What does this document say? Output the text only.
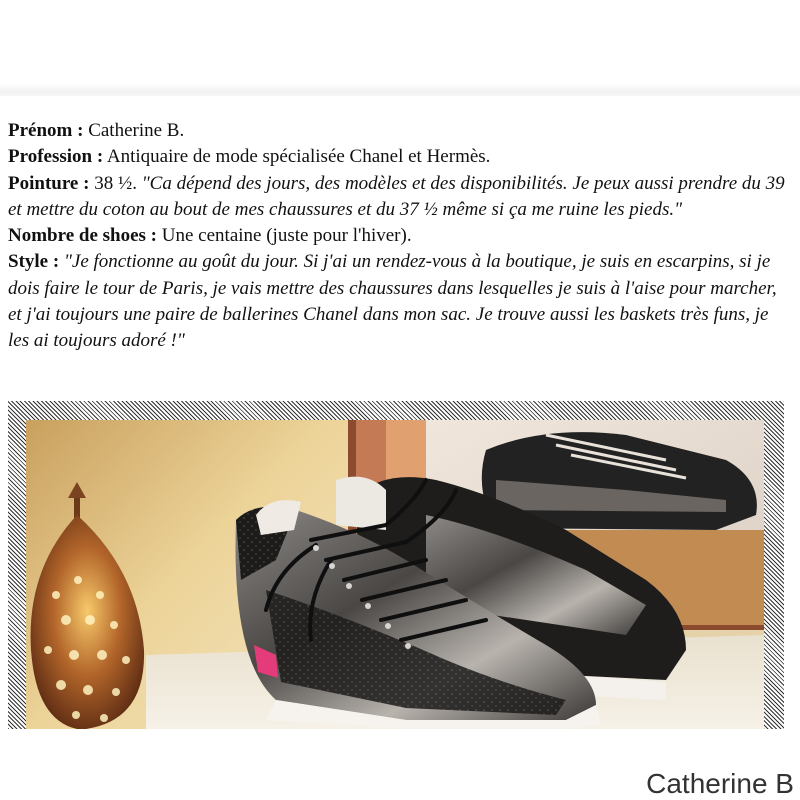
Prénom : Catherine B.

Profession : Antiquaire de mode spécialisée Chanel et Hermès.

Pointure : 38 ½. "Ca dépend des jours, des modèles et des disponibilités. Je peux aussi prendre du 39 et mettre du coton au bout de mes chaussures et du 37 ½ même si ça me ruine les pieds."

Nombre de shoes : Une centaine (juste pour l'hiver).

Style : "Je fonctionne au goût du jour. Si j'ai un rendez-vous à la boutique, je suis en escarpins, si je dois faire le tour de Paris, je vais mettre des chaussures dans lesquelles je suis à l'aise pour marcher, et j'ai toujours une paire de ballerines Chanel dans mon sac. Je trouve aussi les baskets très funs, je les ai toujours adoré !"

Catherine B
